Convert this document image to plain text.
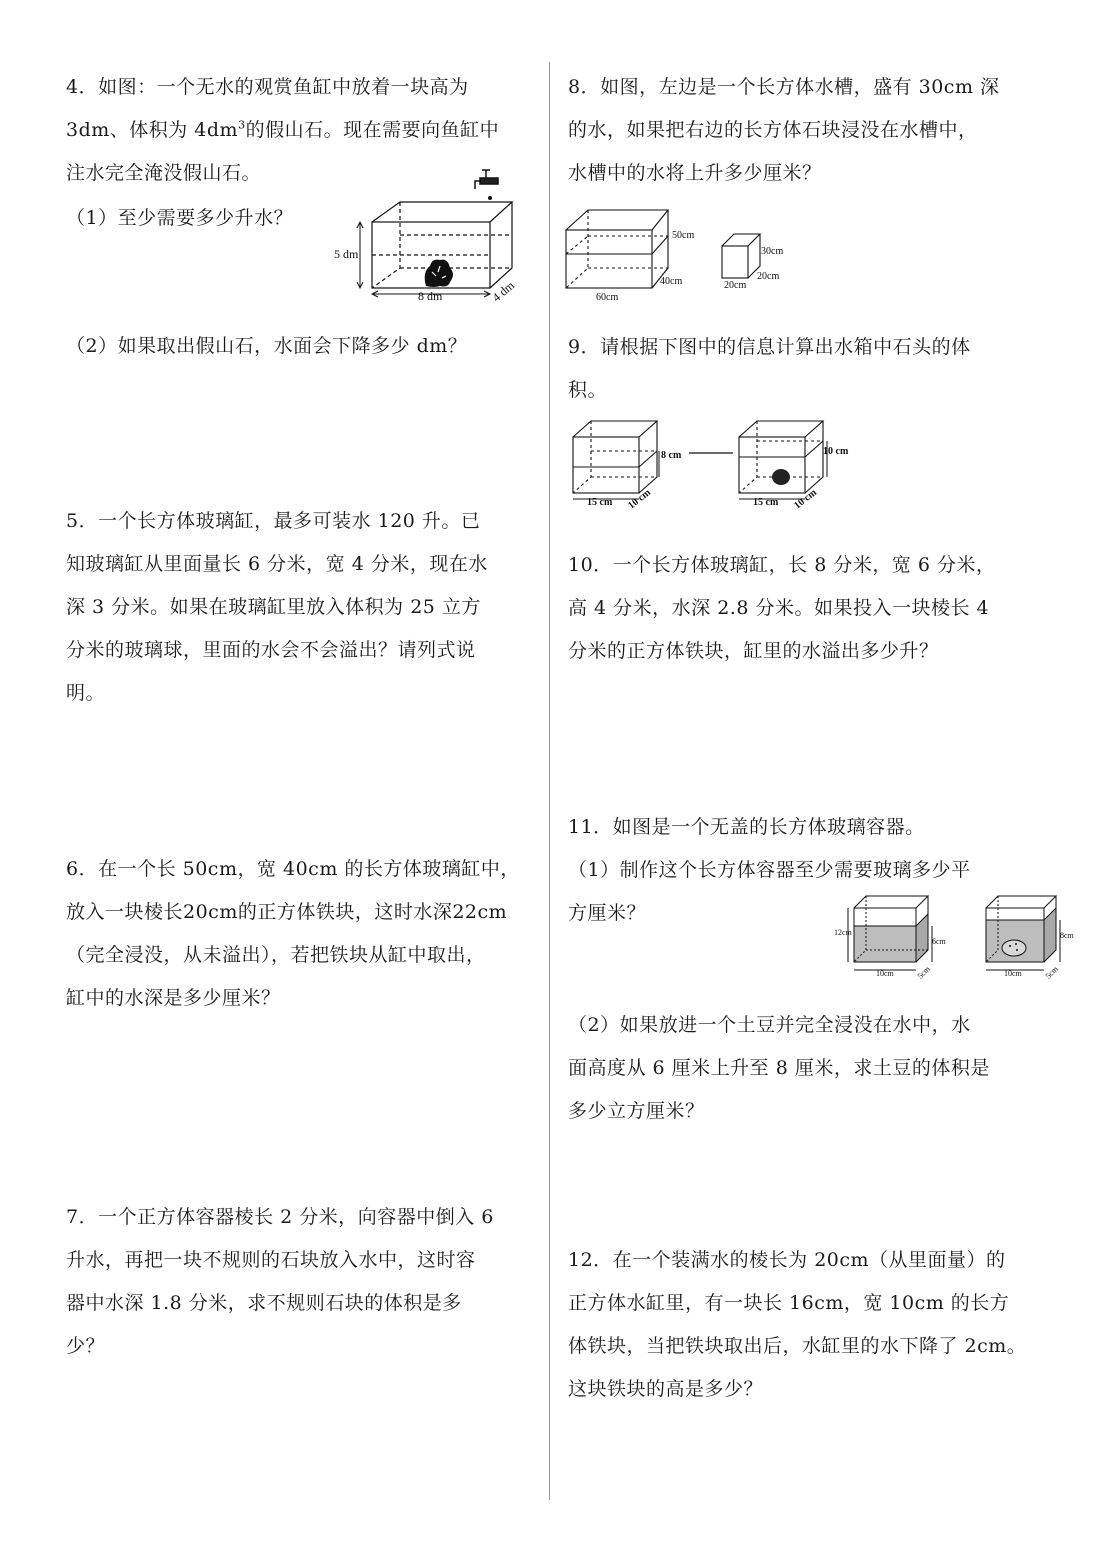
4．如图：一个无水的观赏鱼缸中放着一块高为

3dm、体积为 $4dm^3$的假山石。现在需要向鱼缸中

注水完全淹没假山石。

（1）至少需要多少升水？

（2）如果取出假山石，水面会下降多少 dm？

5 dm
8 dm	4 dm

5．一个长方体玻璃缸，最多可装水 120 升。已

知玻璃缸从里面量长 6 分米，宽 4 分米，现在水

深 3 分米。如果在玻璃缸里放入体积为 25 立方

分米的玻璃球，里面的水会不会溢出？请列式说

明。

6．在一个长 50cm，宽 40cm 的长方体玻璃缸中，

放入一块棱长20cm的正方体铁块，这时水深22cm

（完全浸没，从未溢出），若把铁块从缸中取出，

缸中的水深是多少厘米？

7．一个正方体容器棱长 2 分米，向容器中倒入 6

升水，再把一块不规则的石块放入水中，这时容

器中水深 1.8 分米，求不规则石块的体积是多

少？

8．如图，左边是一个长方体水槽，盛有 30cm 深

的水，如果把右边的长方体石块浸没在水槽中，

水槽中的水将上升多少厘米？

50cm
40cm
60cm
30cm
20cm
20cm

9．请根据下图中的信息计算出水箱中石头的体

积。

8 cm
15 cm 10 cm
10 cm
15 cm 10 cm

10．一个长方体玻璃缸，长 8 分米，宽 6 分米，

高 4 分米，水深 2.8 分米。如果投入一块棱长 4

分米的正方体铁块，缸里的水溢出多少升？

11．如图是一个无盖的长方体玻璃容器。

（1）制作这个长方体容器至少需要玻璃多少平

方厘米？

12cm
6cm
10cm	5cm
8cm
10cm	5cm

（2）如果放进一个土豆并完全浸没在水中，水

面高度从 6 厘米上升至 8 厘米，求土豆的体积是

多少立方厘米？

12．在一个装满水的棱长为 20cm（从里面量）的

正方体水缸里，有一块长 16cm，宽 10cm 的长方

体铁块，当把铁块取出后，水缸里的水下降了 2cm。

这块铁块的高是多少？
